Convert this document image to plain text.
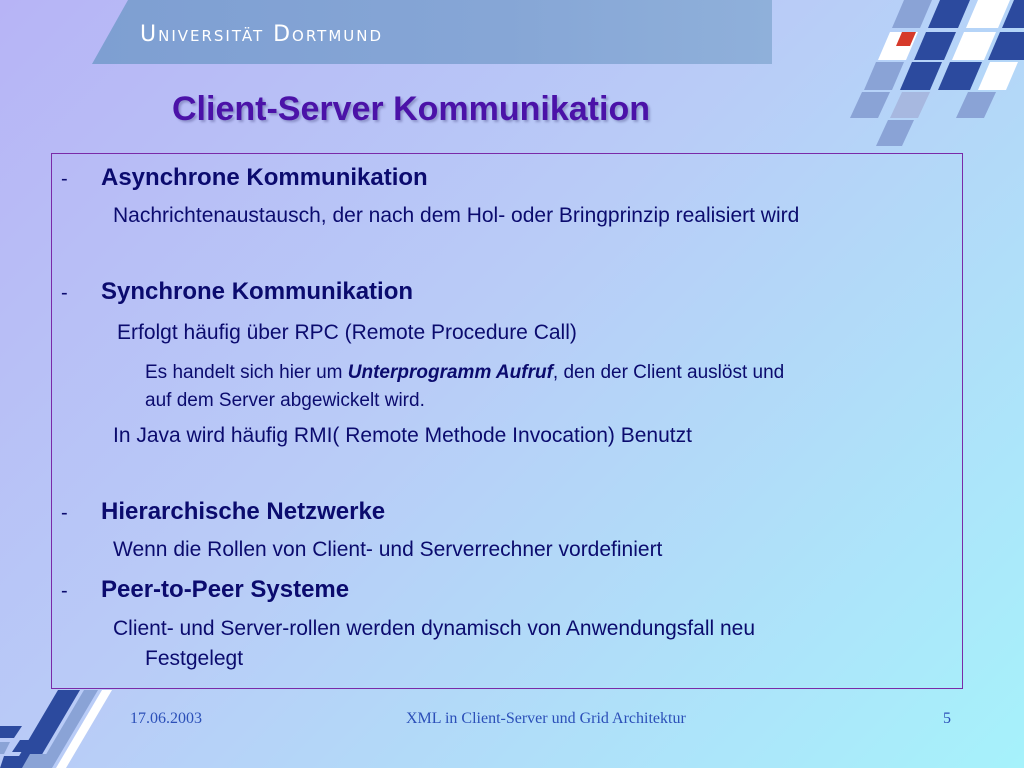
Universität Dortmund
Client-Server Kommunikation
- Asynchrone Kommunikation
Nachrichtenaustausch, der nach dem Hol- oder Bringprinzip realisiert wird
- Synchrone Kommunikation
Erfolgt häufig über RPC (Remote Procedure Call)
Es handelt sich hier um Unterprogramm Aufruf, den der Client auslöst und
auf dem Server abgewickelt wird.
In Java wird häufig RMI( Remote Methode Invocation) Benutzt
- Hierarchische Netzwerke
Wenn die Rollen von Client- und Serverrechner vordefiniert
- Peer-to-Peer Systeme
Client- und Server-rollen werden dynamisch von Anwendungsfall neu
Festgelegt
17.06.2003	XML in Client-Server und Grid Architektur	5
